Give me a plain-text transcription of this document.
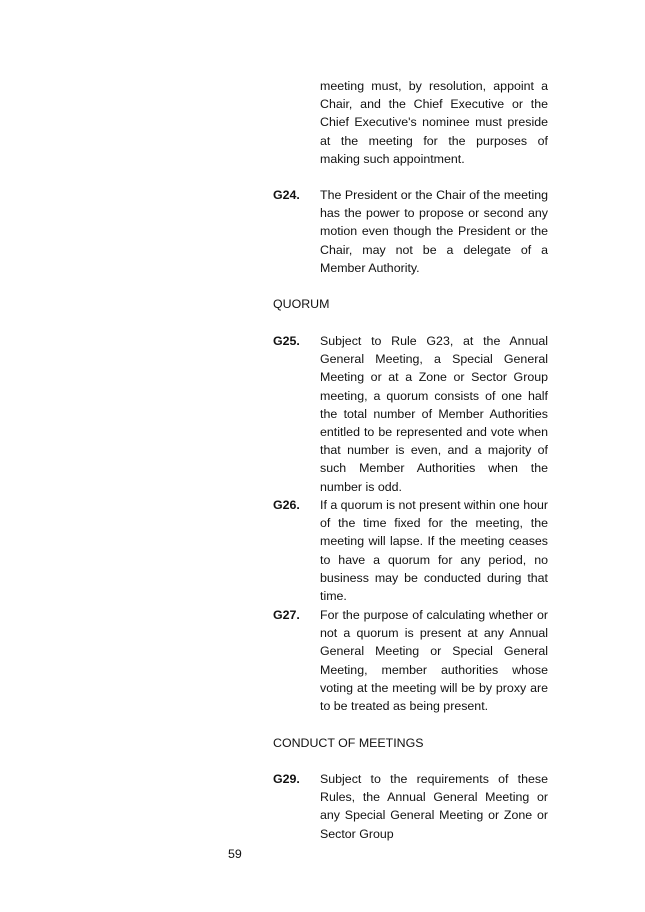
meeting must, by resolution, appoint a Chair, and the Chief Executive or the Chief Executive's nominee must preside at the meeting for the purposes of making such appointment.
G24. The President or the Chair of the meeting has the power to propose or second any motion even though the President or the Chair, may not be a delegate of a Member Authority.
QUORUM
G25. Subject to Rule G23, at the Annual General Meeting, a Special General Meeting or at a Zone or Sector Group meeting, a quorum consists of one half the total number of Member Authorities entitled to be represented and vote when that number is even, and a majority of such Member Authorities when the number is odd.
G26. If a quorum is not present within one hour of the time fixed for the meeting, the meeting will lapse. If the meeting ceases to have a quorum for any period, no business may be conducted during that time.
G27. For the purpose of calculating whether or not a quorum is present at any Annual General Meeting or Special General Meeting, member authorities whose voting at the meeting will be by proxy are to be treated as being present.
CONDUCT OF MEETINGS
G29. Subject to the requirements of these Rules, the Annual General Meeting or any Special General Meeting or Zone or Sector Group
59
